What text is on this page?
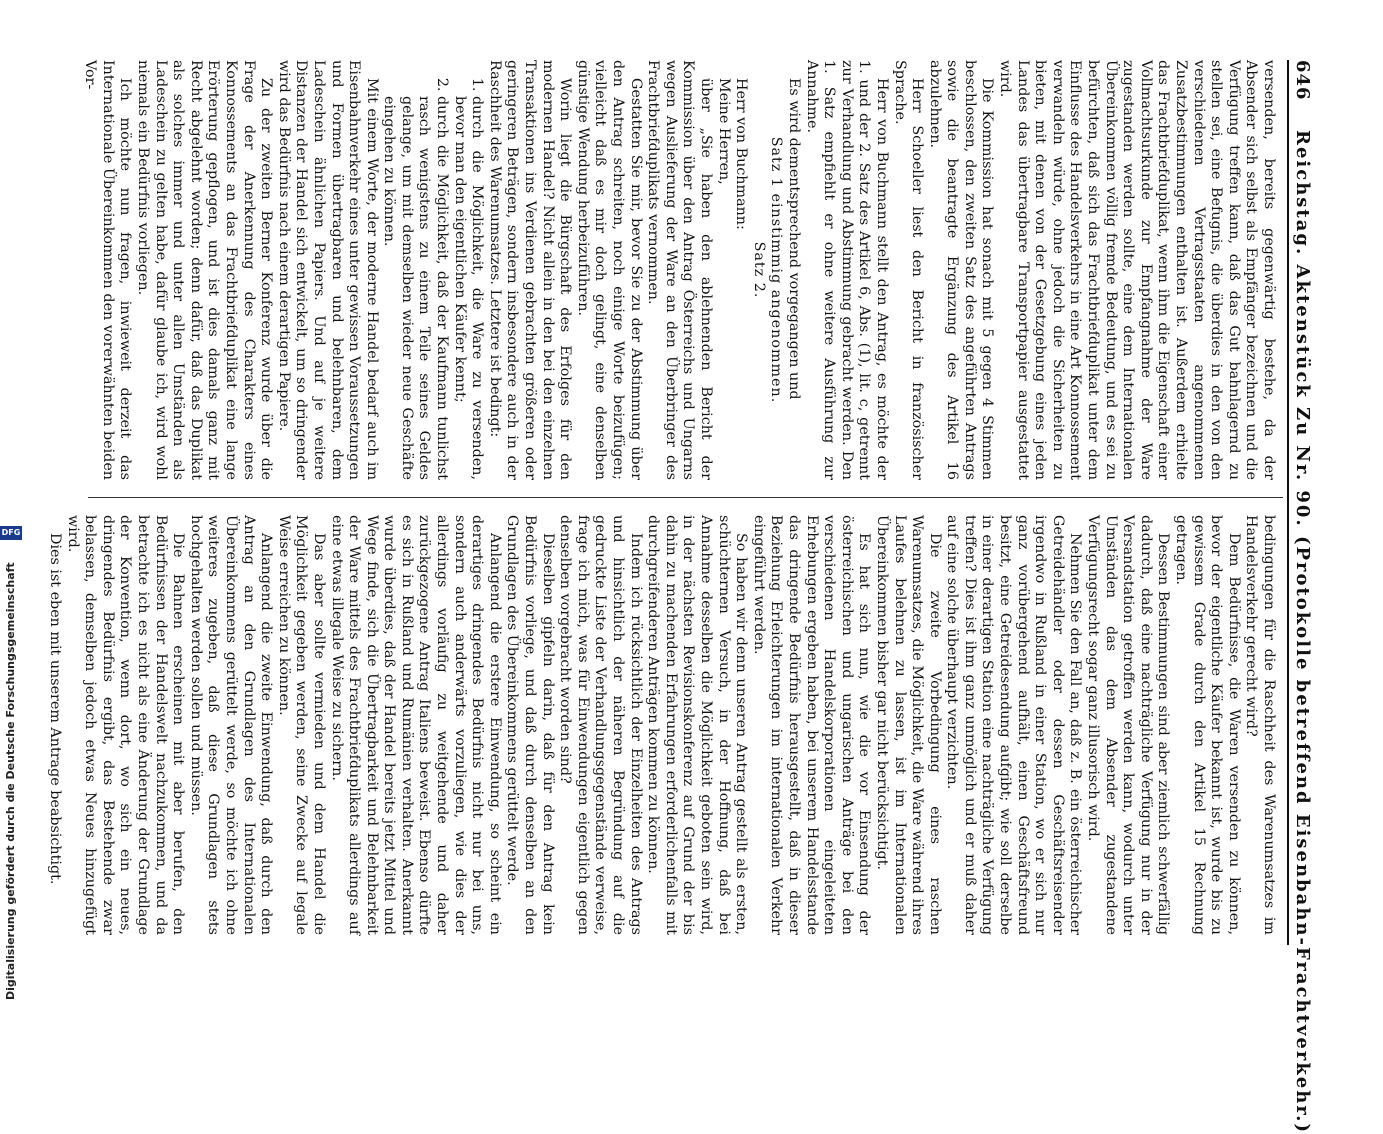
646
Reichstag. Aktenstück Zu Nr. 90. (Protokolle betreffend Eisenbahn-Frachtverkehr.)

versenden, bereits gegenwärtig bestehe, da der Absender sich selbst als Empfänger bezeichnen und die Verfügung treffen kann, daß das Gut bahnlagernd zu stellen sei, eine Befugnis, die überdies in den von den verschiedenen Vertragsstaaten angenommenen Zusatzbestimmungen enthalten ist. Außerdem erhielte das Frachtbriefduplikat, wenn ihm die Eigenschaft einer Vollmachtsurkunde zur Empfangnahme der Ware zugestanden werden sollte, eine dem Internationalen Übereinkommen völlig fremde Bedeutung, und es sei zu befürchten, daß sich das Frachtbriefduplikat unter dem Einflusse des Handelsverkehrs in eine Art Konnossement verwandeln würde, ohne jedoch die Sicherheiten zu bieten, mit denen von der Gesetzgebung eines jeden Landes das übertragbare Transportpapier ausgestattet wird.

Die Kommission hat sonach mit 5 gegen 4 Stimmen beschlossen, den zweiten Satz des angeführten Antrags sowie die beantragte Ergänzung des Artikel 16 abzulehnen.

Herr Schoeller liest den Bericht in französischer Sprache.

Herr von Buchmann stellt den Antrag, es möchte der 1. und der 2. Satz des Artikel 6, Abs. (1), lit. c, getrennt zur Verhandlung und Abstimmung gebracht werden. Den 1. Satz empfiehlt er ohne weitere Ausführung zur Annahme.

Es wird dementsprechend vorgegangen und

Satz 1 einstimmig angenommen.

Satz 2.

Herr von Buchmann:

Meine Herren,

über „Sie haben den ablehnenden Bericht der Kommission über den Antrag Österreichs und Ungarns wegen Auslieferung der Ware an den Überbringer des Frachtbriefduplikats vernommen.

Gestatten Sie mir, bevor Sie zu der Abstimmung über den Antrag schreiten, noch einige Worte beizufügen; vielleicht daß es mir doch gelingt, eine denselben günstige Wendung herbeizuführen.

Worin liegt die Bürgschaft des Erfolges für den modernen Handel? Nicht allein in den bei den einzelnen Transaktionen ins Verdienen gebrachten größeren oder geringeren Beträgen, sondern insbesondere auch in der Raschheit des Warenumsatzes. Letztere ist bedingt:

1. durch die Möglichkeit, die Ware zu versenden, bevor man den eigentlichen Käufer kennt;
2. durch die Möglichkeit, daß der Kaufmann tunlichst rasch wenigstens zu einem Teile seines Geldes gelange, um mit demselben wieder neue Geschäfte eingehen zu können.

Mit einem Worte, der moderne Handel bedarf auch im Eisenbahnverkehr eines unter gewissen Voraussetzungen und Formen übertragbaren und belehnbaren, dem Ladeschein ähnlichen Papiers. Und auf je weitere Distanzen der Handel sich entwickelt, um so dringender wird das Bedürfnis nach einem derartigen Papiere.

Zu der zweiten Berner Konferenz wurde über die Frage der Anerkennung des Charakters eines Konnossements an das Frachtbriefduplikat eine lange Erörterung gepflogen, und ist dies damals ganz mit Recht abgelehnt worden; denn dafür, daß das Duplikat als solches immer und unter allen Umständen als Ladeschein zu gelten habe, dafür glaube ich, wird wohl niemals ein Bedürfnis vorliegen.

Ich möchte nun fragen, inwieweit derzeit das Internationale Übereinkommen den vorerwähnten beiden Vor-

bedingungen für die Raschheit des Warenumsatzes im Handelsverkehr gerecht wird?

Dem Bedürfnisse, die Waren versenden zu können, bevor der eigentliche Käufer bekannt ist, wurde bis zu gewissem Grade durch den Artikel 15 Rechnung getragen.

Dessen Bestimmungen sind aber ziemlich schwerfällig dadurch, daß eine nachträgliche Verfügung nur in der Versandstation getroffen werden kann, wodurch unter Umständen das dem Absender zugestandene Verfügungsrecht sogar ganz illusorisch wird.

Nehmen Sie den Fall an, daß z. B. ein österreichischer Getreidehändler oder dessen Geschäftsreisender irgendwo in Rußland in einer Station, wo er sich nur ganz vorübergehend aufhält, einen Geschäftsfreund besitzt, eine Getreidesendung aufgibt; wie soll derselbe in einer derartigen Station eine nachträgliche Verfügung treffen? Dies ist ihm ganz unmöglich und er muß daher auf eine solche überhaupt verzichten.

Die zweite Vorbedingung eines raschen Warenumsatzes, die Möglichkeit, die Ware während ihres Laufes belehnen zu lassen, ist im Internationalen Übereinkommen bisher gar nicht berücksichtigt.

Es hat sich nun, wie die vor Einsendung der österreichischen und ungarischen Anträge bei den verschiedenen Handelskorporationen eingeleiteten Erhebungen ergeben haben, bei unserem Handelsstande das dringende Bedürfnis herausgestellt, daß in dieser Beziehung Erleichterungen im internationalen Verkehr eingeführt werden.

So haben wir denn unseren Antrag gestellt als ersten, schüchternen Versuch, in der Hoffnung, daß bei Annahme desselben die Möglichkeit geboten sein wird, in der nächsten Revisionskonferenz auf Grund der bis dahin zu machenden Erfahrungen erforderlichenfalls mit durchgreifenderen Anträgen kommen zu können.

Indem ich rücksichtlich der Einzelheiten des Antrags und hinsichtlich der näheren Begründung auf die gedruckte Liste der Verhandlungsgegenstände verweise, frage ich mich, was für Einwendungen eigentlich gegen denselben vorgebracht worden sind?

Dieselben gipfeln darin, daß für den Antrag kein Bedürfnis vorliege, und daß durch denselben an den Grundlagen des Übereinkommens gerüttelt werde.

Anlangend die erstere Einwendung, so scheint ein derartiges dringendes Bedürfnis nicht nur bei uns, sondern auch anderwärts vorzuliegen, wie dies der allerdings vorläufig zu weitgehende und daher zurückgezogene Antrag Italiens beweist. Ebenso dürfte es sich in Rußland und Rumänien verhalten. Anerkannt wurde überdies, daß der Handel bereits jetzt Mittel und Wege finde, sich die Übertragbarkeit und Belehnbarkeit der Ware mittels des Frachtbriefduplikats allerdings auf eine etwas illegale Weise zu sichern.

Das aber sollte vermieden und dem Handel die Möglichkeit gegeben werden, seine Zwecke auf legale Weise erreichen zu können.

Anlangend die zweite Einwendung, daß durch den Antrag an den Grundlagen des Internationalen Übereinkommens gerüttelt werde, so möchte ich ohne weiteres zugeben, daß diese Grundlagen stets hochgehalten werden sollen und müssen.

Die Bahnen erscheinen mit aber berufen, den Bedürfnissen der Handelswelt nachzukommen, und da betrachte ich es nicht als eine Änderung der Grundlage der Konvention, wenn dort, wo sich ein neues, dringendes Bedürfnis ergibt, das Bestehende zwar belassen, demselben jedoch etwas Neues hinzugefügt wird.

Dies ist eben mit unserem Antrage beabsichtigt.

Digitalisierung gefördert durch die Deutsche Forschungsgemeinschaft
DFG
